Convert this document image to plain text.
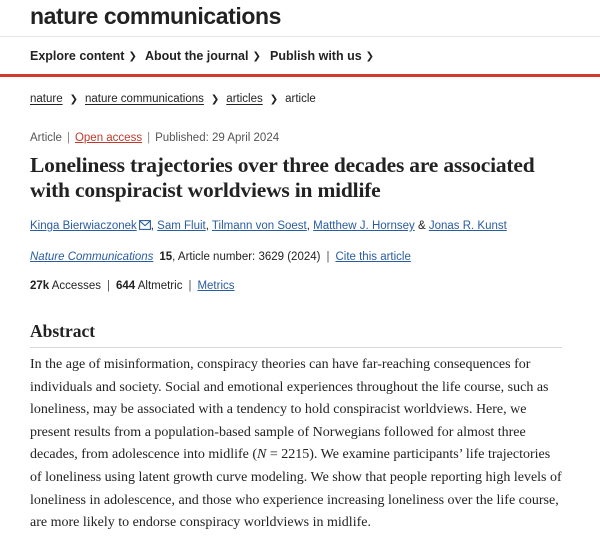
nature communications
Explore content ❯ About the journal ❯ Publish with us ❯
nature ❯ nature communications ❯ articles ❯ article
Article | Open access | Published: 29 April 2024
Loneliness trajectories over three decades are associated with conspiracist worldviews in midlife
Kinga Bierwiaczonek , Sam Fluit, Tilmann von Soest, Matthew J. Hornsey & Jonas R. Kunst
Nature Communications 15, Article number: 3629 (2024) | Cite this article
27k Accesses | 644 Altmetric | Metrics
Abstract

In the age of misinformation, conspiracy theories can have far-reaching consequences for individuals and society. Social and emotional experiences throughout the life course, such as loneliness, may be associated with a tendency to hold conspiracist worldviews. Here, we present results from a population-based sample of Norwegians followed for almost three decades, from adolescence into midlife (N = 2215). We examine participants’ life trajectories of loneliness using latent growth curve modeling. We show that people reporting high levels of loneliness in adolescence, and those who experience increasing loneliness over the life course, are more likely to endorse conspiracy worldviews in midlife.
